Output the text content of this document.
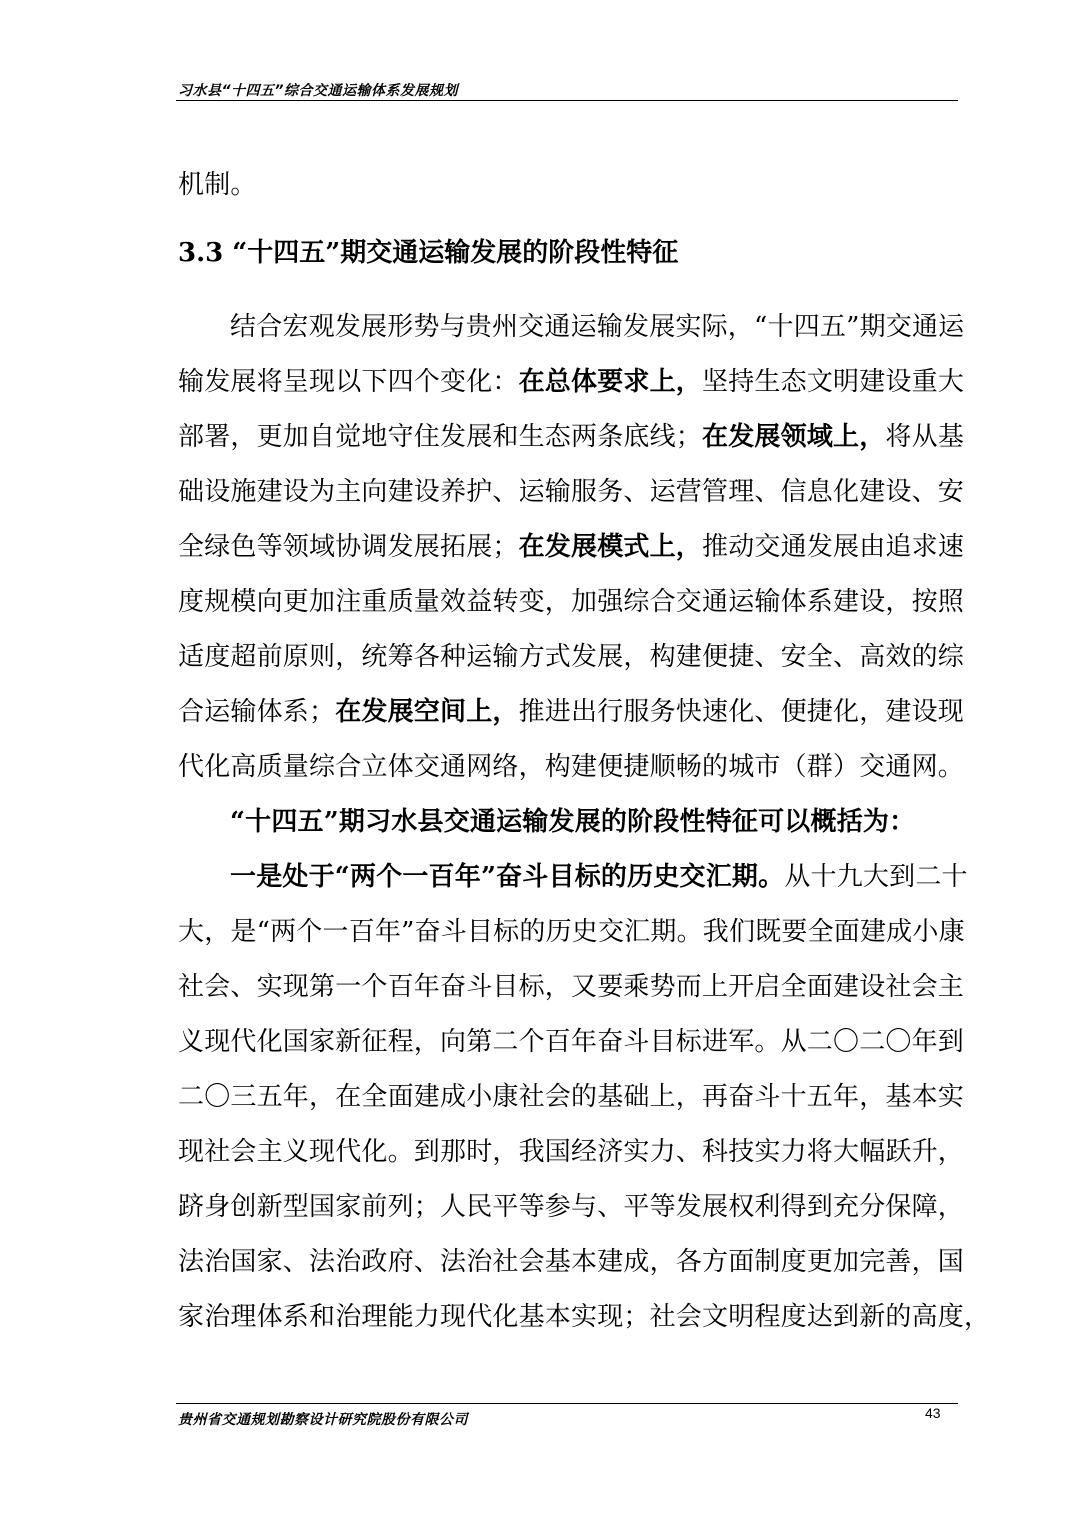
习水县“十四五”综合交通运输体系发展规划
机制。
3.3 “十四五”期交通运输发展的阶段性特征
结合宏观发展形势与贵州交通运输发展实际，“十四五”期交通运
输发展将呈现以下四个变化：在总体要求上，坚持生态文明建设重大
部署，更加自觉地守住发展和生态两条底线；在发展领域上，将从基
础设施建设为主向建设养护、运输服务、运营管理、信息化建设、安
全绿色等领域协调发展拓展；在发展模式上，推动交通发展由追求速
度规模向更加注重质量效益转变，加强综合交通运输体系建设，按照
适度超前原则，统筹各种运输方式发展，构建便捷、安全、高效的综
合运输体系；在发展空间上，推进出行服务快速化、便捷化，建设现
代化高质量综合立体交通网络，构建便捷顺畅的城市（群）交通网。
“十四五”期习水县交通运输发展的阶段性特征可以概括为：
一是处于“两个一百年”奋斗目标的历史交汇期。从十九大到二十
大，是“两个一百年”奋斗目标的历史交汇期。我们既要全面建成小康
社会、实现第一个百年奋斗目标，又要乘势而上开启全面建设社会主
义现代化国家新征程，向第二个百年奋斗目标进军。从二〇二〇年到
二〇三五年，在全面建成小康社会的基础上，再奋斗十五年，基本实
现社会主义现代化。到那时，我国经济实力、科技实力将大幅跃升，
跻身创新型国家前列；人民平等参与、平等发展权利得到充分保障，
法治国家、法治政府、法治社会基本建成，各方面制度更加完善，国
家治理体系和治理能力现代化基本实现；社会文明程度达到新的高度，
贵州省交通规划勘察设计研究院股份有限公司	43
